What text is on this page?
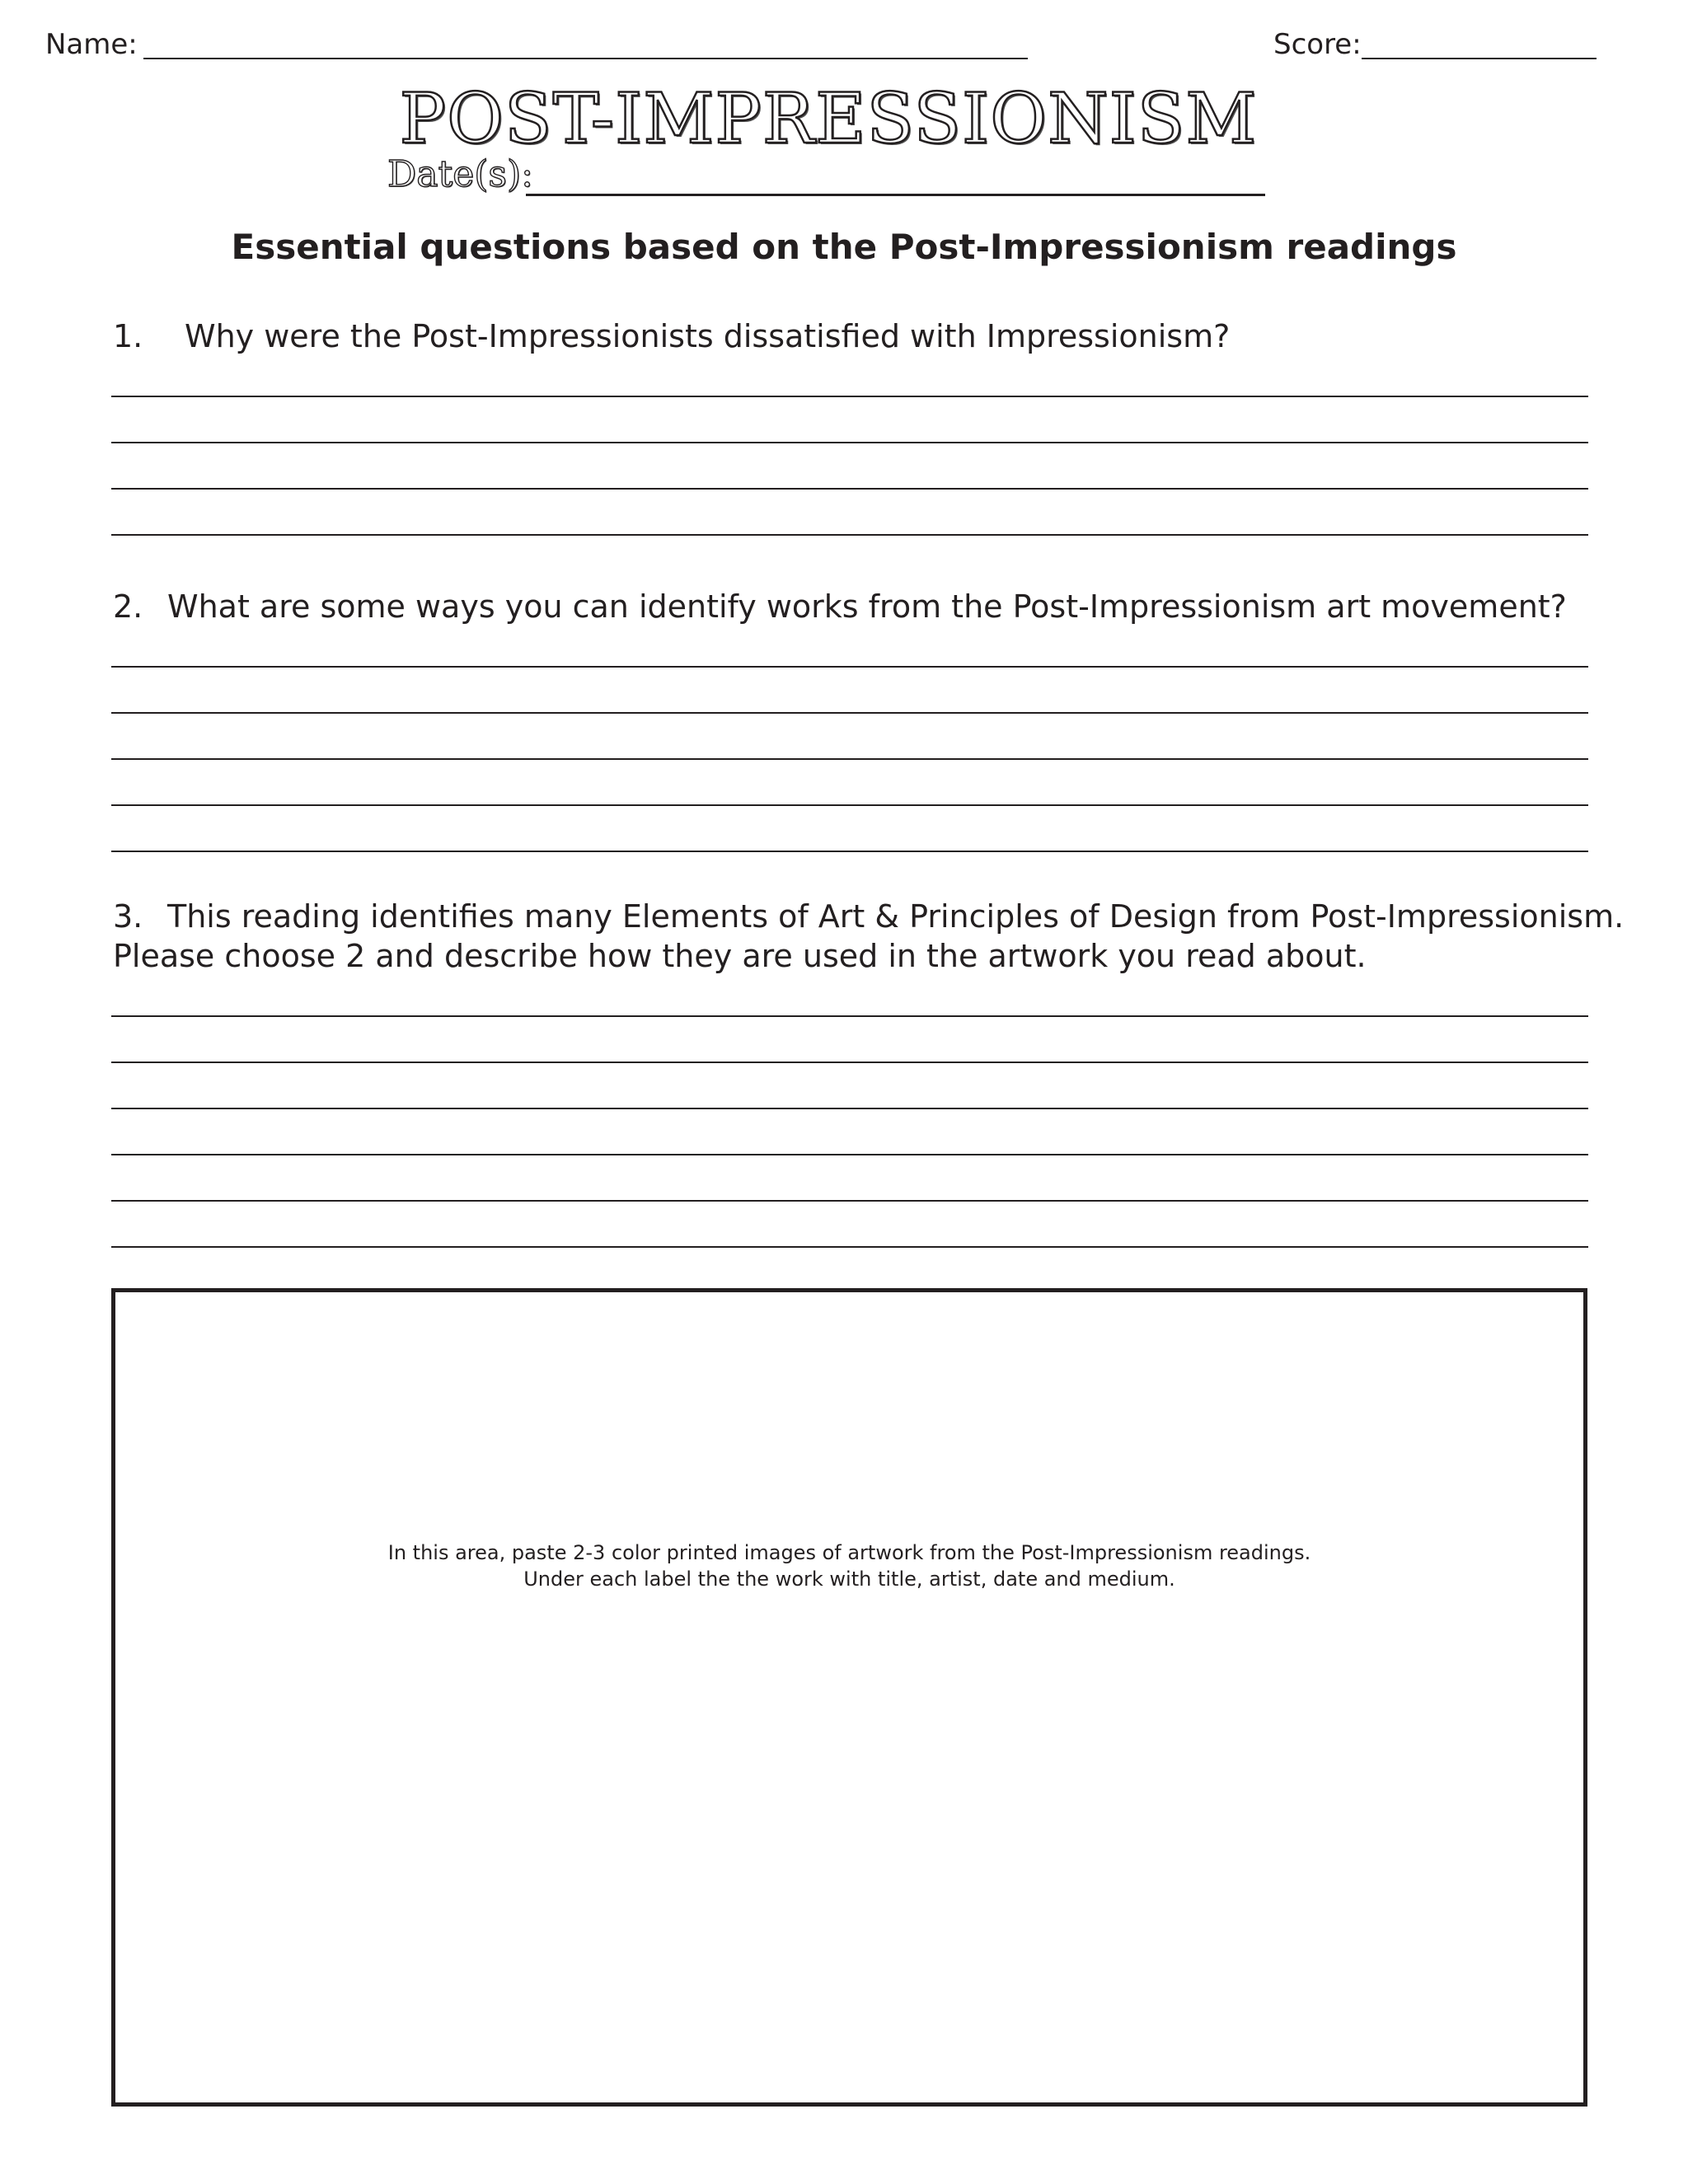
Name:	Score:
POST-IMPRESSIONISM
Date(s):
Essential questions based on the Post-Impressionism readings
1. Why were the Post-Impressionists dissatisfied with Impressionism?
2. What are some ways you can identify works from the Post-Impressionism art movement?
3. This reading identifies many Elements of Art & Principles of Design from Post-Impressionism.
Please choose 2 and describe how they are used in the artwork you read about.
In this area, paste 2-3 color printed images of artwork from the Post-Impressionism readings.
Under each label the the work with title, artist, date and medium.
